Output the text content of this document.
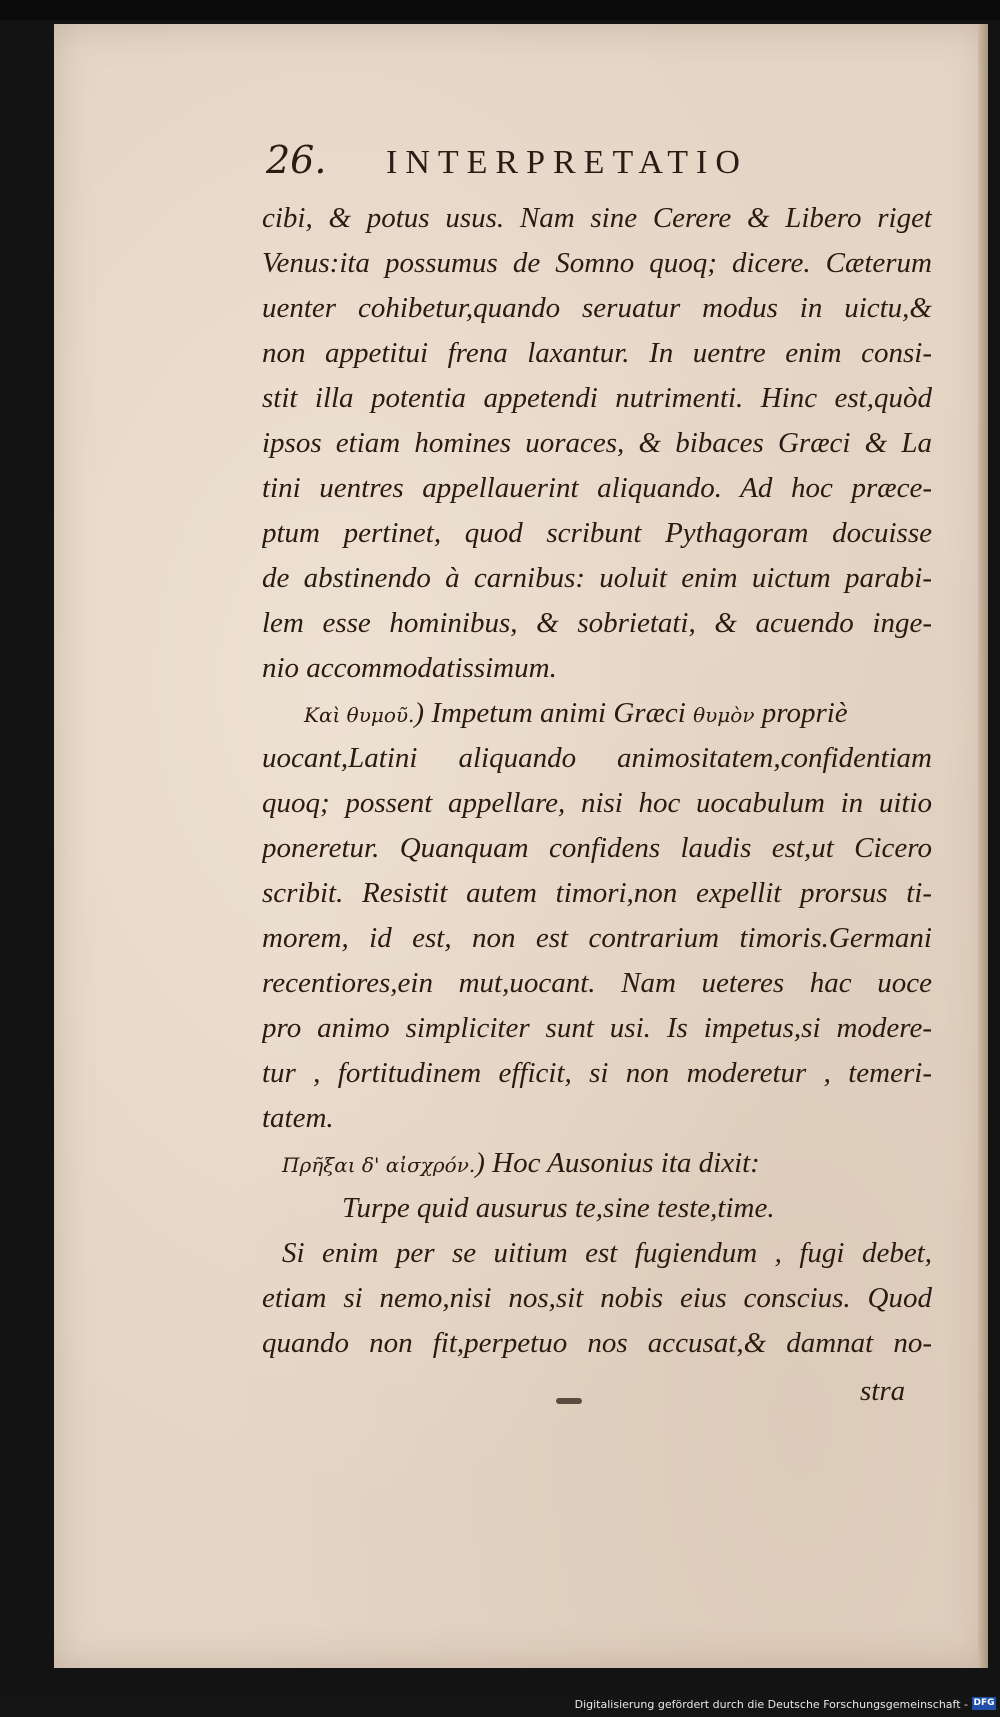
26.	INTERPRETATIO
cibi, & potus usus. Nam sine Cerere & Libero riget
Venus:ita possumus de Somno quoq; dicere. Cæterum
uenter cohibetur,quando seruatur modus in uictu,&
non appetitui frena laxantur. In uentre enim consi-
stit illa potentia appetendi nutrimenti. Hinc est,quòd
ipsos etiam homines uoraces, & bibaces Græci & La
tini uentres appellauerint aliquando. Ad hoc præce-
ptum pertinet, quod scribunt Pythagoram docuisse
de abstinendo à carnibus: uoluit enim uictum parabi-
lem esse hominibus, & sobrietati, & acuendo inge-
nio accommodatissimum.
Καὶ θυμοῦ.) Impetum animi Græci θυμὸν propriè
uocant,Latini aliquando animositatem,confidentiam
quoq; possent appellare, nisi hoc uocabulum in uitio
poneretur. Quanquam confidens laudis est,ut Cicero
scribit. Resistit autem timori,non expellit prorsus ti-
morem, id est, non est contrarium timoris.Germani
recentiores,ein mut,uocant. Nam ueteres hac uoce
pro animo simpliciter sunt usi. Is impetus,si modere-
tur , fortitudinem efficit, si non moderetur , temeri-
tatem.
Πρῆξαι δ' αἰσχρόν.) Hoc Ausonius ita dixit:
Turpe quid ausurus te,sine teste,time.
Si enim per se uitium est fugiendum , fugi debet,
etiam si nemo,nisi nos,sit nobis eius conscius. Quod
quando non fit,perpetuo nos accusat,& damnat no-
stra
Digitalisierung gefördert durch die Deutsche Forschungsgemeinschaft - DFG
